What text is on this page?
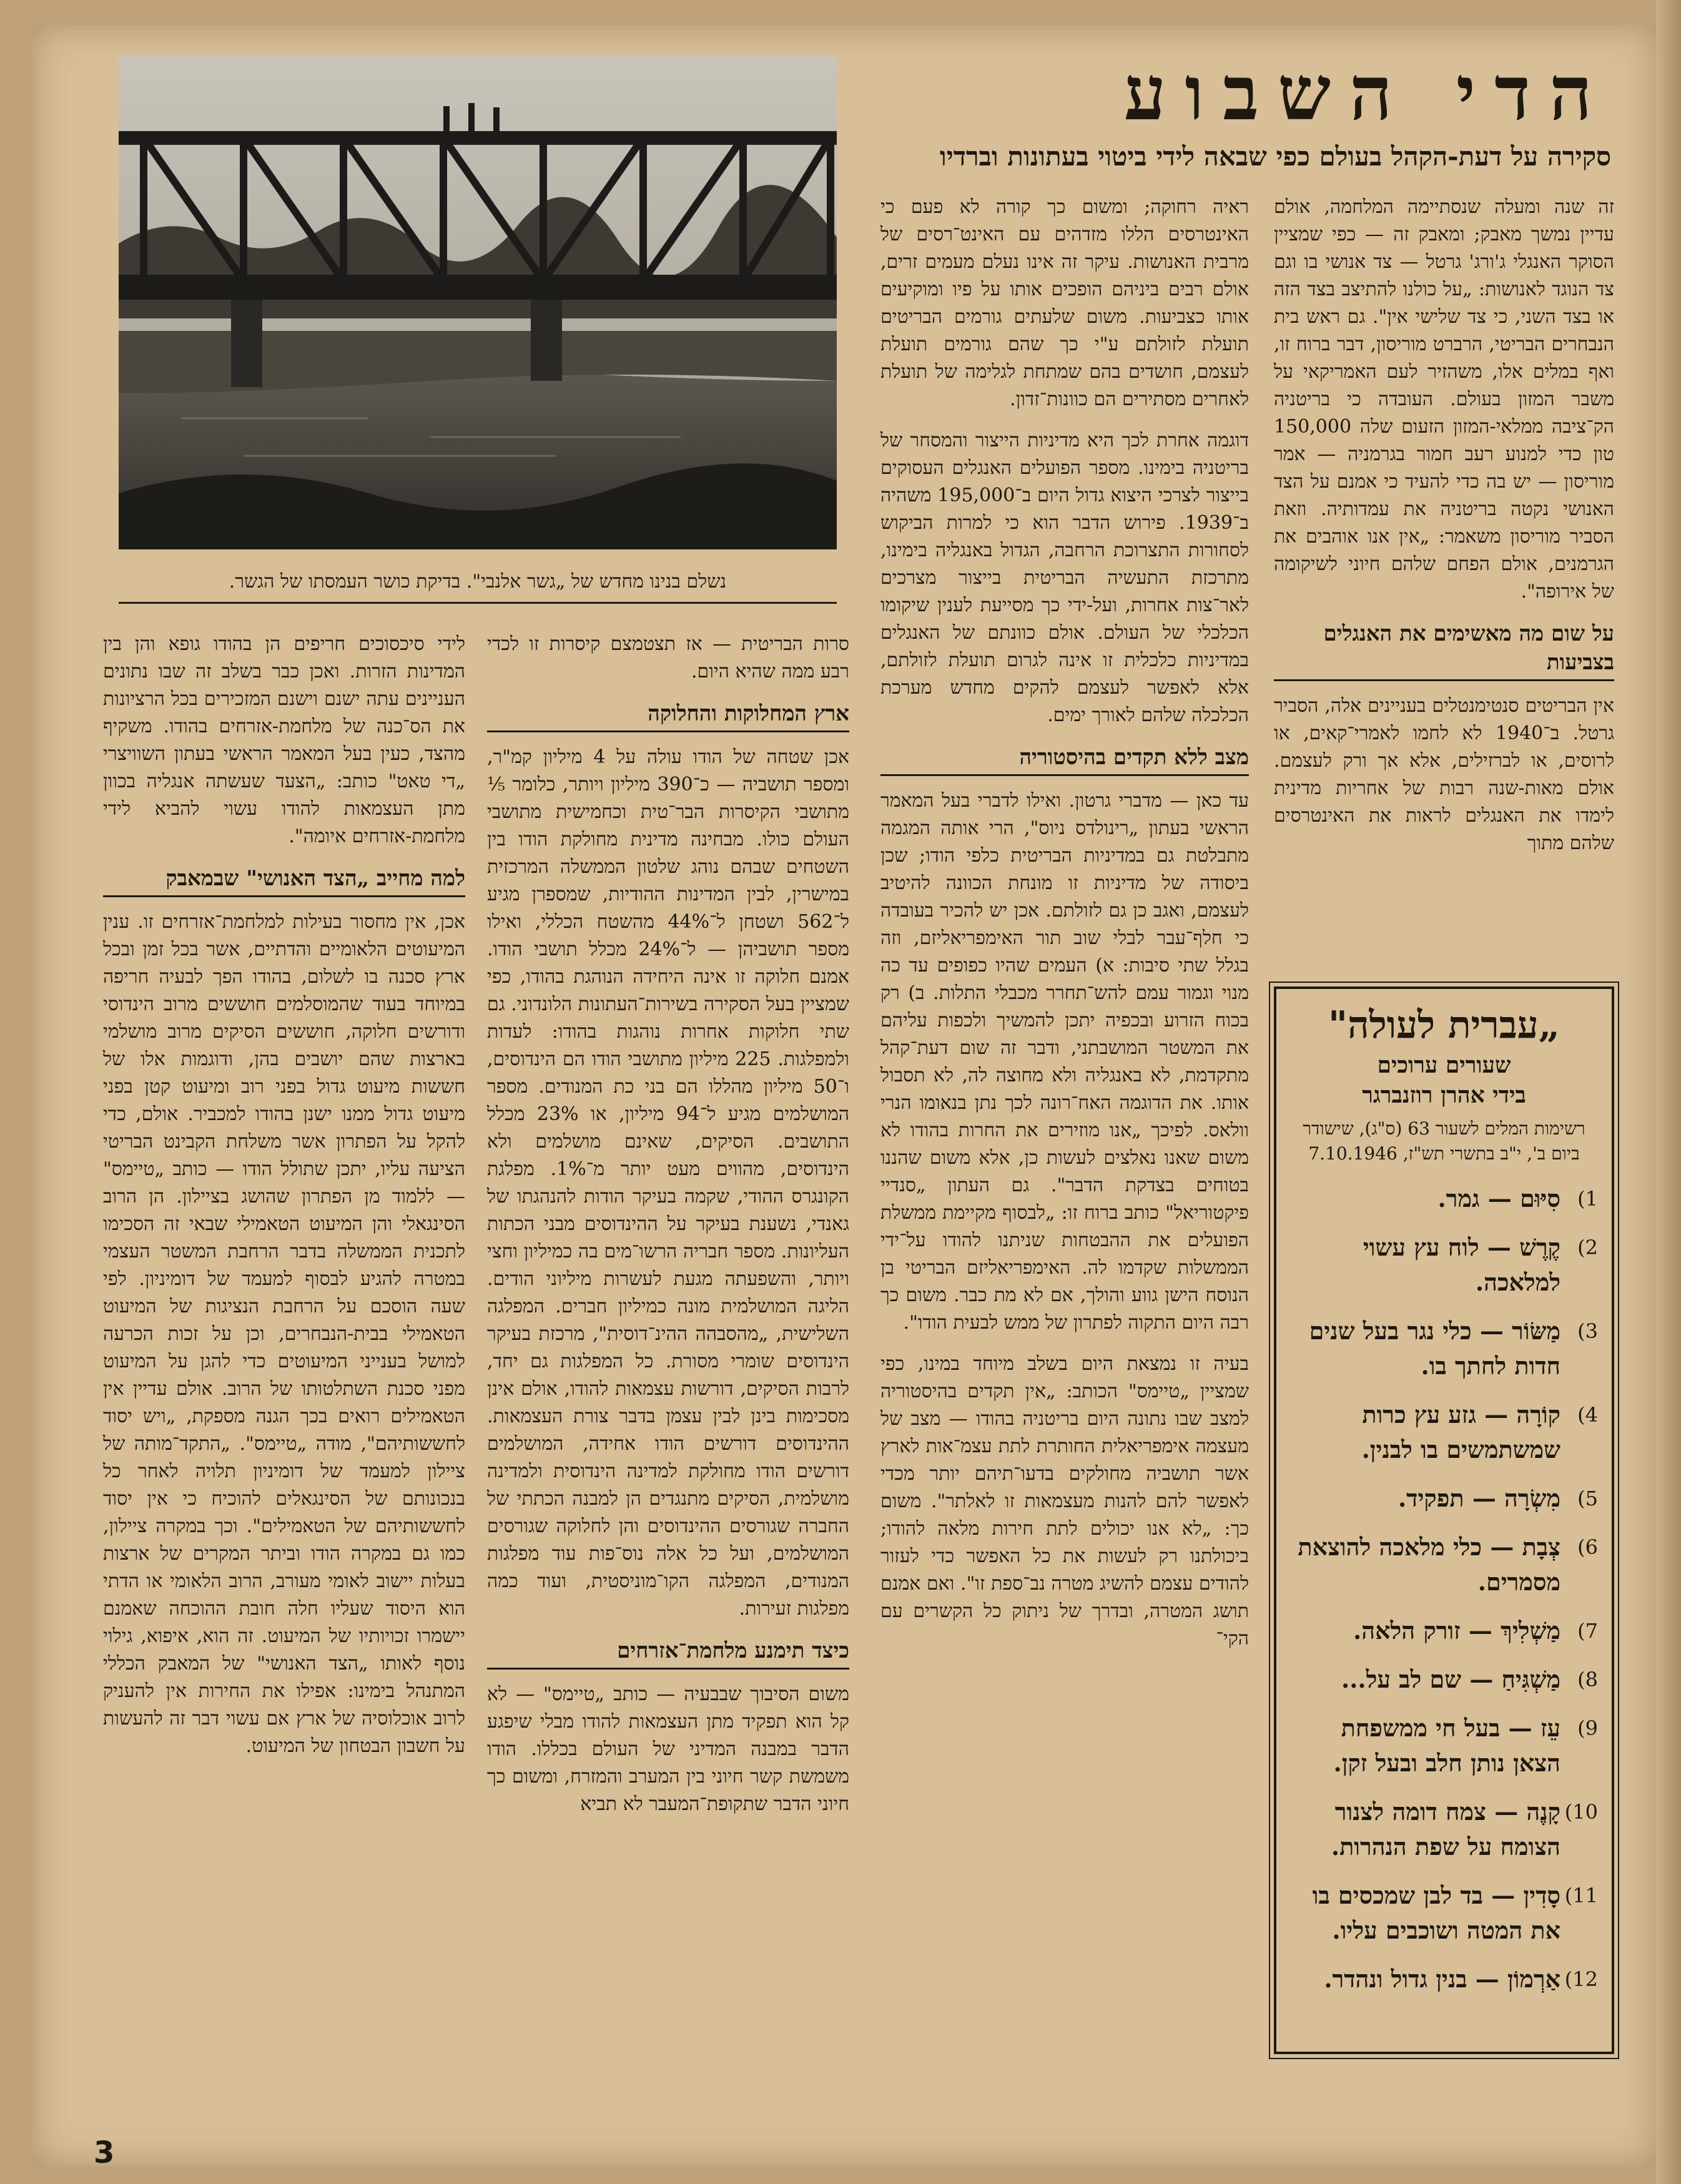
הדי השבוע
סקירה על דעת-הקהל בעולם כפי שבאה לידי ביטוי בעתונות וברדיו
נשלם בנינו מחדש של „גשר אלנבי". בדיקת כושר העמסתו של הגשר.

זה שנה ומעלה שנסתיימה המלחמה, אולם עדיין נמשך מאבק; ומאבק זה — כפי שמציין הסוקר האנגלי ג'ורג' גרטל — צד אנושי בו וגם צד הנוגד לאנושות: „על כולנו להתיצב בצד הזה או בצד השני, כי צד שלישי אין". גם ראש בית הנבחרים הבריטי, הרברט מוריסון, דבר ברוח זו, ואף במלים אלו, משהזיר לעם האמריקאי על משבר המזון בעולם. העובדה כי בריטניה הק־ציבה ממלאי-המזון הזעום שלה 150,000 טון כדי למנוע רעב חמור בגרמניה — אמר מוריסון — יש בה כדי להעיד כי אמנם על הצד האנושי נקטה בריטניה את עמדותיה. וזאת הסביר מוריסון משאמר: „אין אנו אוהבים את הגרמנים, אולם הפחם שלהם חיוני לשיקומה של אירופה".

על שום מה מאשימים את האנגלים בצביעות

אין הבריטים סנטימנטלים בעניינים אלה, הסביר גרטל. ב־1940 לא לחמו לאמרי־קאים, או לרוסים, או לברזילים, אלא אך ורק לעצמם. אולם מאות-שנה רבות של אחריות מדינית לימדו את האנגלים לראות את האינטרסים שלהם מתוך

ראיה רחוקה; ומשום כך קורה לא פעם כי האינטרסים הללו מזדהים עם האינט־רסים של מרבית האנושות. עיקר זה אינו נעלם מעמים זרים, אולם רבים ביניהם הופכים אותו על פיו ומוקיעים אותו כצביעות. משום שלעתים גורמים הבריטים תועלת לזולתם ע"י כך שהם גורמים תועלת לעצמם, חושדים בהם שמתחת לגלימה של תועלת לאחרים מסתירים הם כוונות־זדון.

דוגמה אחרת לכך היא מדיניות הייצור והמסחר של בריטניה בימינו. מספר הפועלים האנגלים העסוקים בייצור לצרכי היצוא גדול היום ב־195,000 משהיה ב־1939. פירוש הדבר הוא כי למרות הביקוש לסחורות התצרוכת הרחבה, הגדול באנגליה בימינו, מתרכזת התעשיה הבריטית בייצור מצרכים לאר־צות אחרות, ועל-ידי כך מסייעת לענין שיקומו הכלכלי של העולם. אולם כוונתם של האנגלים במדיניות כלכלית זו אינה לגרום תועלת לזולתם, אלא לאפשר לעצמם להקים מחדש מערכת הכלכלה שלהם לאורך ימים.

מצב ללא תקדים בהיסטוריה

עד כאן — מדברי גרטון. ואילו לדברי בעל המאמר הראשי בעתון „רינולדס ניוס", הרי אותה המגמה מתבלטת גם במדיניות הבריטית כלפי הודו; שכן ביסודה של מדיניות זו מונחת הכוונה להיטיב לעצמם, ואגב כן גם לזולתם. אכן יש להכיר בעובדה כי חלף־עבר לבלי שוב תור האימפריאליזם, וזה בגלל שתי סיבות: א) העמים שהיו כפופים עד כה מנוי וגמור עמם להש־תחרר מכבלי התלות. ב) רק בכוח הזרוע ובכפיה יתכן להמשיך ולכפות עליהם את המשטר המושבתני, ודבר זה שום דעת־קהל מתקדמת, לא באנגליה ולא מחוצה לה, לא תסבול אותו. את הדוגמה האח־רונה לכך נתן בנאומו הנרי וולאס. לפיכך „אנו מוזירים את החרות בהודו לא משום שאנו נאלצים לעשות כן, אלא משום שהננו בטוחים בצדקת הדבר". גם העתון „סנדיי פיקטוריאל" כותב ברוח זו: „לבסוף מקיימת ממשלת הפועלים את ההבטחות שניתנו להודו על־ידי הממשלות שקדמו לה. האימפריאליזם הבריטי בן הנוסח הישן גווע והולך, אם לא מת כבר. משום כך רבה היום התקוה לפתרון של ממש לבעית הודו".

בעיה זו נמצאת היום בשלב מיוחד במינו, כפי שמציין „טיימס" הכותב: „אין תקדים בהיסטוריה למצב שבו נתונה היום בריטניה בהודו — מצב של מעצמה אימפריאלית החותרת לתת עצמ־אות לארץ אשר תושביה מחולקים בדעו־תיהם יותר מכדי לאפשר להם להנות מעצמאות זו לאלתר". משום כך: „לא אנו יכולים לתת חירות מלאה להודו; ביכולתנו רק לעשות את כל האפשר כדי לעזור להודים עצמם להשיג מטרה נב־ספת זו". ואם אמנם תושג המטרה, ובדרך של ניתוק כל הקשרים עם הקי־

סרות הבריטית — אז תצטמצם קיסרות זו לכדי רבע ממה שהיא היום.

ארץ המחלוקות והחלוקה

אכן שטחה של הודו עולה על 4 מיליון קמ"ר, ומספר תושביה — כ־390 מיליון ויותר, כלומר ⅕ מתושבי הקיסרות הבר־טית וכחמישית מתושבי העולם כולו. מבחינה מדינית מחולקת הודו בין השטחים שבהם נוהג שלטון הממשלה המרכזית במישרין, לבין המדינות ההודיות, שמספרן מגיע ל־562 ושטחן ל־44% מהשטח הכללי, ואילו מספר תושביהן — ל־24% מכלל תושבי הודו. אמנם חלוקה זו אינה היחידה הנוהגת בהודו, כפי שמציין בעל הסקירה בשירות־העתונות הלונדוני. גם שתי חלוקות אחרות נוהגות בהודו: לעדות ולמפלגות. 225 מיליון מתושבי הודו הם הינדוסים, ו־50 מיליון מהללו הם בני כת המנודים. מספר המושלמים מגיע ל־94 מיליון, או 23% מכלל התושבים. הסיקים, שאינם מושלמים ולא הינדוסים, מהווים מעט יותר מ־1%. מפלגת הקונגרס ההודי, שקמה בעיקר הודות להנהגתו של גאנדי, נשענת בעיקר על ההינדוסים מבני הכתות העליונות. מספר חבריה הרשו־מים בה כמיליון וחצי ויותר, והשפעתה מגעת לעשרות מיליוני הודים. הליגה המושלמית מונה כמיליון חברים. המפלגה השלישית, „מהסבהה ההינ־דוסית", מרכזת בעיקר הינדוסים שומרי מסורת. כל המפלגות גם יחד, לרבות הסיקים, דורשות עצמאות להודו, אולם אינן מסכימות בינן לבין עצמן בדבר צורת העצמאות. ההינדוסים דורשים הודו אחידה, המושלמים דורשים הודו מחולקת למדינה הינדוסית ולמדינה מושלמית, הסיקים מתנגדים הן למבנה הכתתי של החברה שגורסים ההינדוסים והן לחלוקה שגורסים המושלמים, ועל כל אלה נוס־פות עוד מפלגות המנודים, המפלגה הקו־מוניסטית, ועוד כמה מפלגות זעירות.

כיצד תימנע מלחמת־אזרחים

משום הסיבוך שבבעיה — כותב „טיימס" — לא קל הוא תפקיד מתן העצמאות להודו מבלי שיפגע הדבר במבנה המדיני של העולם בכללו. הודו משמשת קשר חיוני בין המערב והמזרח, ומשום כך חיוני הדבר שתקופת־המעבר לא תביא

לידי סיכסוכים חריפים הן בהודו גופא והן בין המדינות הזרות. ואכן כבר בשלב זה שבו נתונים העניינים עתה ישנם וישנם המזכירים בכל הרציונות את הס־כנה של מלחמת-אזרחים בהודו. משקיף מהצד, כעין בעל המאמר הראשי בעתון השוויצרי „די טאט" כותב: „הצעד שעשתה אנגליה בכוון מתן העצמאות להודו עשוי להביא לידי מלחמת-אזרחים איומה".

למה מחייב „הצד האנושי" שבמאבק

אכן, אין מחסור בעילות למלחמת־אזרחים זו. ענין המיעוטים הלאומיים והדתיים, אשר בכל זמן ובכל ארץ סכנה בו לשלום, בהודו הפך לבעיה חריפה במיוחד בעוד שהמוסלמים חוששים מרוב הינדוסי ודורשים חלוקה, חוששים הסיקים מרוב מושלמי בארצות שהם יושבים בהן, ודוגמות אלו של חששות מיעוט גדול בפני רוב ומיעוט קטן בפני מיעוט גדול ממנו ישנן בהודו למכביר. אולם, כדי להקל על הפתרון אשר משלחת הקבינט הבריטי הציעה עליו, יתכן שתולל הודו — כותב „טיימס" — ללמוד מן הפתרון שהושג בציילון. הן הרוב הסינגאלי והן המיעוט הטאמילי שבאי זה הסכימו לתכנית הממשלה בדבר הרחבת המשטר העצמי במטרה להגיע לבסוף למעמד של דומיניון. לפי שעה הוסכם על הרחבת הנציגות של המיעוט הטאמילי בבית-הנבחרים, וכן על זכות הכרעה למושל בענייני המיעוטים כדי להגן על המיעוט מפני סכנת השתלטותו של הרוב. אולם עדיין אין הטאמילים רואים בכך הגנה מספקת, „ויש יסוד לחששותיהם", מודה „טיימס". „התקד־מותה של ציילון למעמד של דומיניון תלויה לאחר כל בנכונותם של הסינגאלים להוכיח כי אין יסוד לחששותיהם של הטאמילים". וכך במקרה ציילון, כמו גם במקרה הודו וביתר המקרים של ארצות בעלות יישוב לאומי מעורב, הרוב הלאומי או הדתי הוא היסוד שעליו חלה חובת ההוכחה שאמנם יישמרו זכויותיו של המיעוט. זה הוא, איפוא, גילוי נוסף לאותו „הצד האנושי" של המאבק הכללי המתנהל בימינו: אפילו את החירות אין להעניק לרוב אוכלוסיה של ארץ אם עשוי דבר זה להעשות על חשבון הבטחון של המיעוט.

„עברית לעולה"
שעורים ערוכים
בידי אהרן רוזנברגר
רשימות המלים לשעור 63 (ס"ג), שישודר ביום ב', י"ב בתשרי תש"ז, 7.10.1946
1)
סִיּוּם — גמר.
2)
קֶרֶשׁ — לוח עץ עשוי למלאכה.
3)
מַשּׂוֹר — כלי נגר בעל שנים חדות לחתך בו.
4)
קוֹרָה — גזע עץ כרות שמשתמשים בו לבנין.
5)
מִשְׂרָה — תפקיד.
6)
צְבָת — כלי מלאכה להוצאת מסמרים.
7)
מַשְׁלִיךְ — זורק הלאה.
8)
מַשְׁגִּיחַ — שם לב על...
9)
עֵז — בעל חי ממשפחת הצאן נותן חלב ובעל זקן.
10)
קָנֶה — צמח דומה לצנור הצומח על שפת הנהרות.
11)
סָדִין — בד לבן שמכסים בו את המטה ושוכבים עליו.
12)
אַרְמוֹן — בנין גדול ונהדר.
3
